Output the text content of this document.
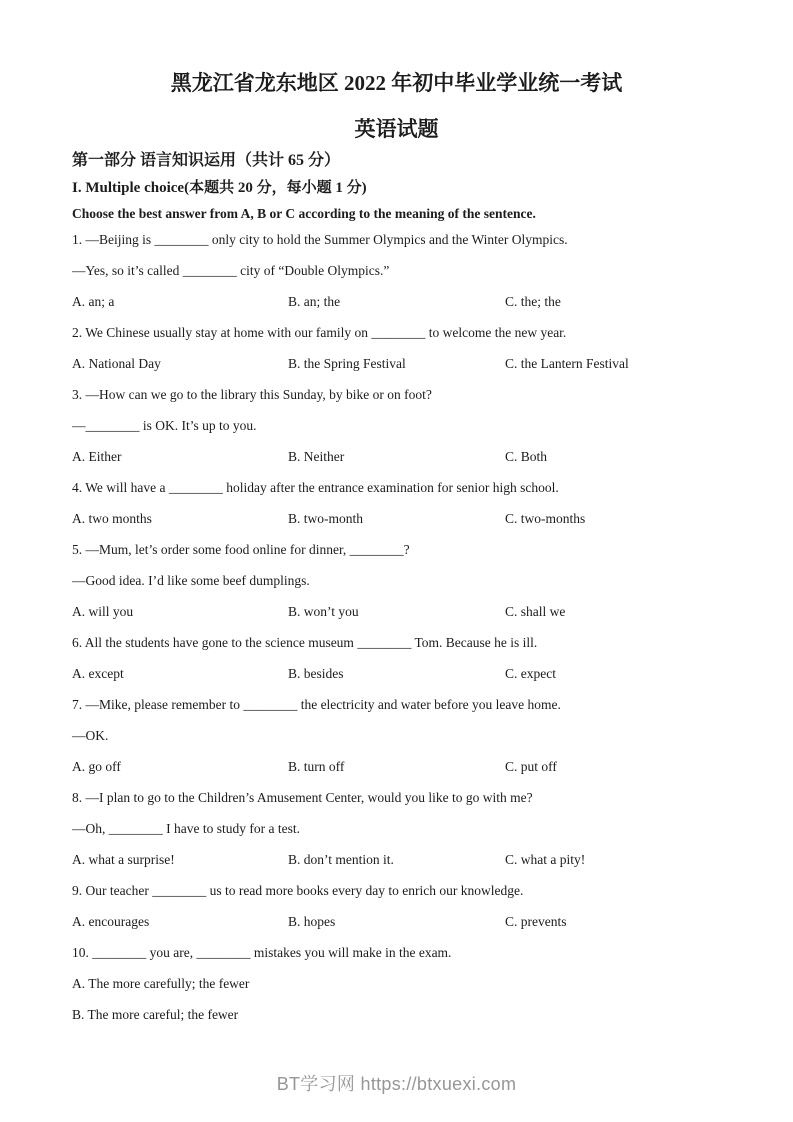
黑龙江省龙东地区 2022 年初中毕业学业统一考试
英语试题
第一部分 语言知识运用（共计 65 分）
I. Multiple choice(本题共 20 分，每小题 1 分)
Choose the best answer from A, B or C according to the meaning of the sentence.
1. —Beijing is ________ only city to hold the Summer Olympics and the Winter Olympics.
—Yes, so it’s called ________ city of “Double Olympics.”
A. an; a	B. an; the	C. the; the
2. We Chinese usually stay at home with our family on ________ to welcome the new year.
A. National Day	B. the Spring Festival	C. the Lantern Festival
3. —How can we go to the library this Sunday, by bike or on foot?
—________ is OK. It’s up to you.
A. Either	B. Neither	C. Both
4. We will have a ________ holiday after the entrance examination for senior high school.
A. two months	B. two-month	C. two-months
5. —Mum, let’s order some food online for dinner, ________?
—Good idea. I’d like some beef dumplings.
A. will you	B. won’t you	C. shall we
6. All the students have gone to the science museum ________ Tom. Because he is ill.
A. except	B. besides	C. expect
7. —Mike, please remember to ________ the electricity and water before you leave home.
—OK.
A. go off	B. turn off	C. put off
8. —I plan to go to the Children’s Amusement Center, would you like to go with me?
—Oh, ________ I have to study for a test.
A. what a surprise!	B. don’t mention it.	C. what a pity!
9. Our teacher ________ us to read more books every day to enrich our knowledge.
A. encourages	B. hopes	C. prevents
10. ________ you are, ________ mistakes you will make in the exam.
A. The more carefully; the fewer
B. The more careful; the fewer
BT学习网 https://btxuexi.com
